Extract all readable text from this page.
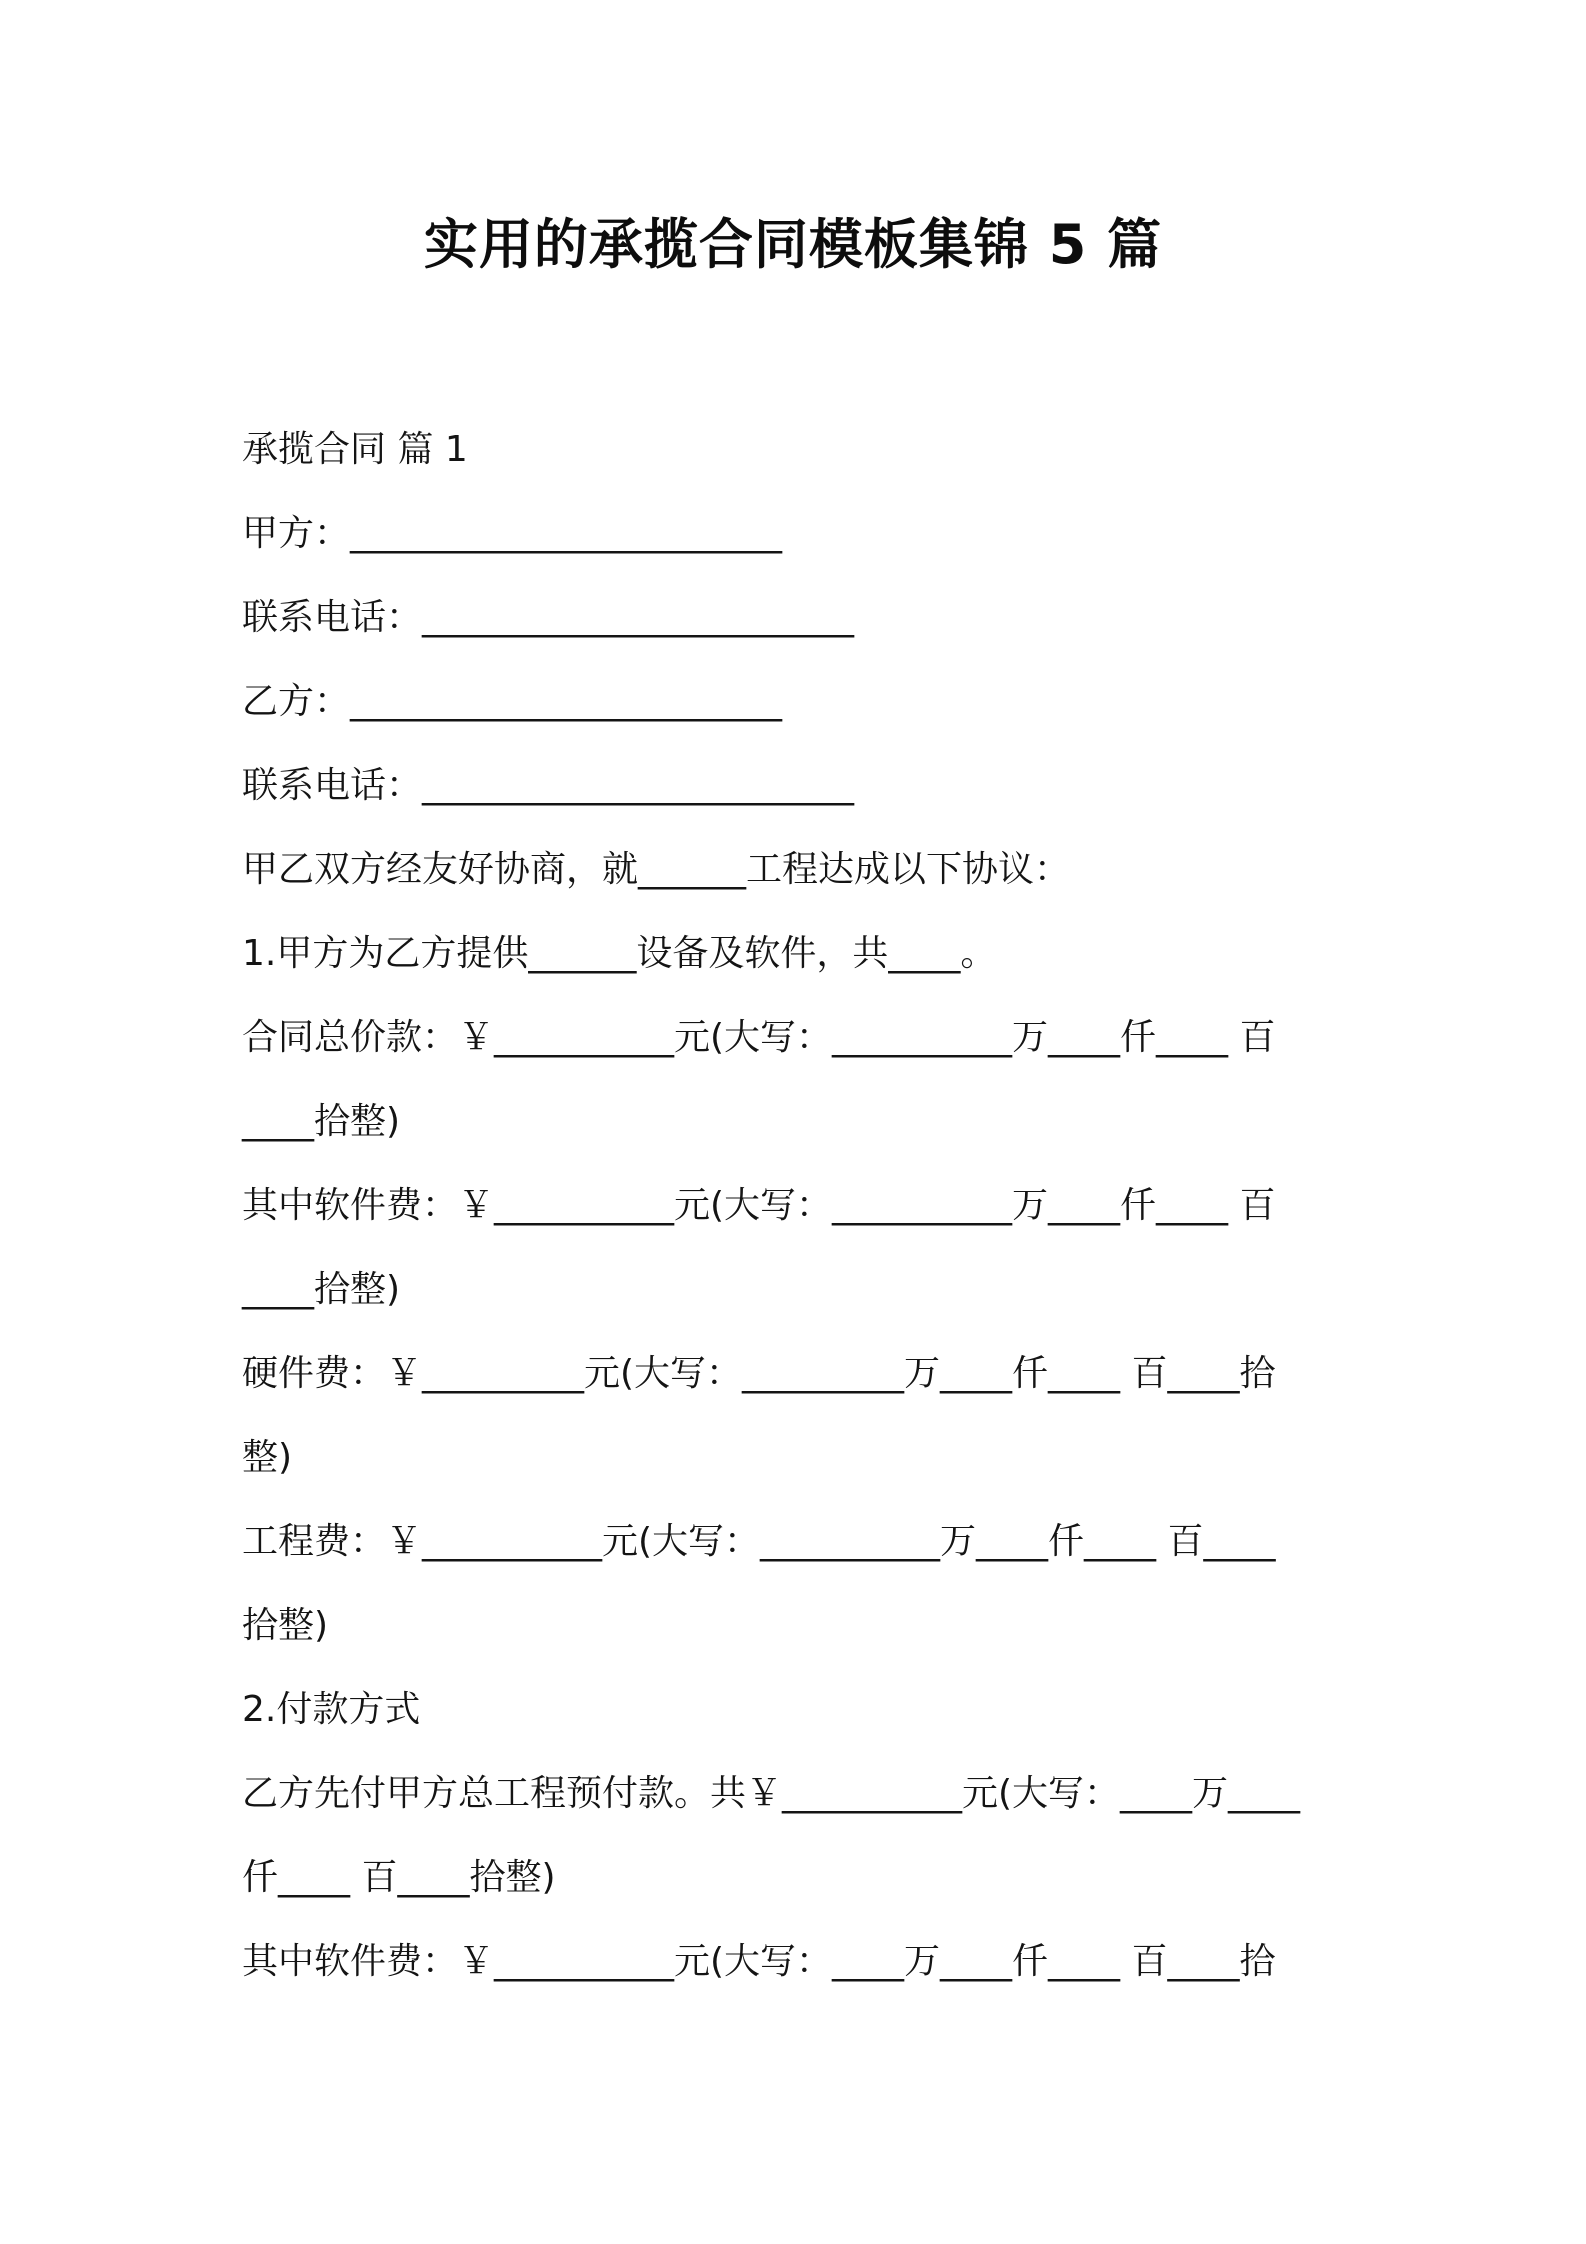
实用的承揽合同模板集锦 5 篇
承揽合同 篇 1
甲方：________________________
联系电话：________________________
乙方：________________________
联系电话：________________________
甲乙双方经友好协商，就______工程达成以下协议：
1.甲方为乙方提供______设备及软件，共____。
合同总价款：￥__________元(大写：__________万____仟____ 百
____拾整)
其中软件费：￥__________元(大写：__________万____仟____ 百
____拾整)
硬件费：￥_________元(大写：_________万____仟____ 百____拾
整)
工程费：￥__________元(大写：__________万____仟____ 百____
拾整)
2.付款方式
乙方先付甲方总工程预付款。共￥__________元(大写：____万____
仟____ 百____拾整)
其中软件费：￥__________元(大写：____万____仟____ 百____拾
